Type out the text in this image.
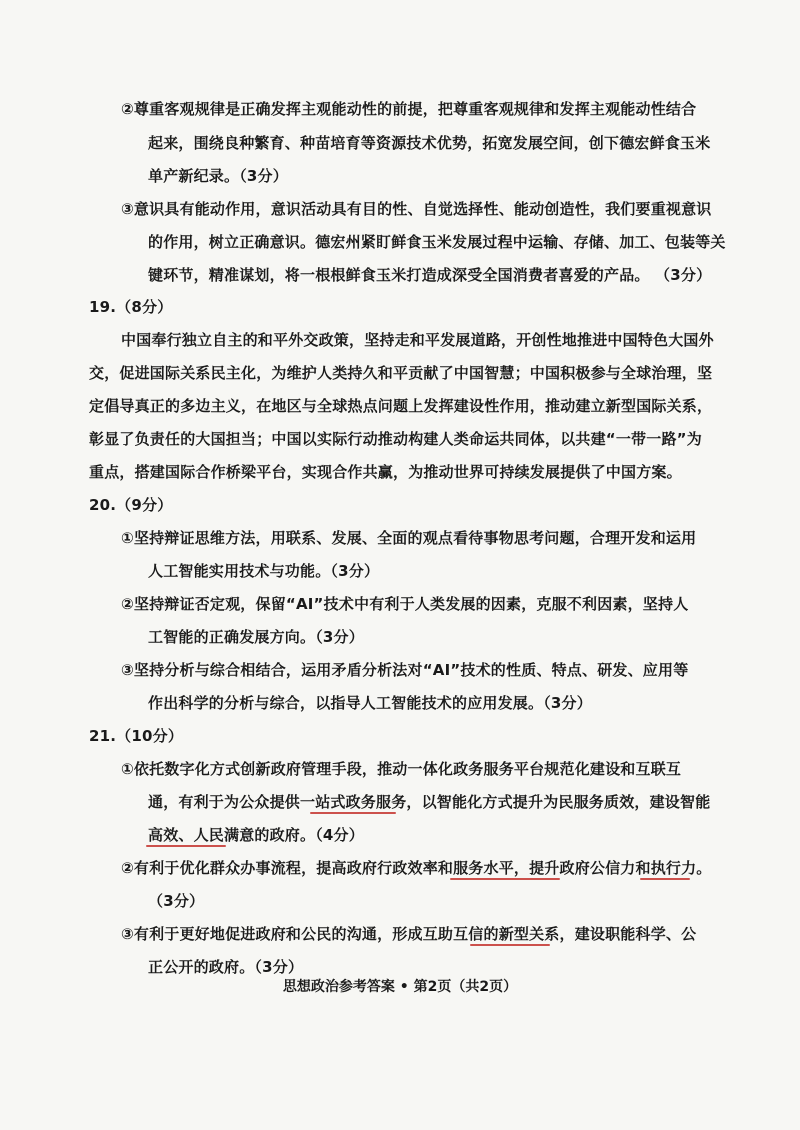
②尊重客观规律是正确发挥主观能动性的前提，把尊重客观规律和发挥主观能动性结合
起来，围绕良种繁育、种苗培育等资源技术优势，拓宽发展空间，创下德宏鲜食玉米
单产新纪录。（3分）
③意识具有能动作用，意识活动具有目的性、自觉选择性、能动创造性，我们要重视意识
的作用，树立正确意识。德宏州紧盯鲜食玉米发展过程中运输、存储、加工、包装等关
键环节，精准谋划，将一根根鲜食玉米打造成深受全国消费者喜爱的产品。 （3分）
19.（8分）
中国奉行独立自主的和平外交政策，坚持走和平发展道路，开创性地推进中国特色大国外
交，促进国际关系民主化，为维护人类持久和平贡献了中国智慧；中国积极参与全球治理，坚
定倡导真正的多边主义，在地区与全球热点问题上发挥建设性作用，推动建立新型国际关系，
彰显了负责任的大国担当；中国以实际行动推动构建人类命运共同体，以共建“一带一路”为
重点，搭建国际合作桥梁平台，实现合作共赢，为推动世界可持续发展提供了中国方案。
20.（9分）
①坚持辩证思维方法，用联系、发展、全面的观点看待事物思考问题，合理开发和运用
人工智能实用技术与功能。（3分）
②坚持辩证否定观，保留“AI”技术中有利于人类发展的因素，克服不利因素，坚持人
工智能的正确发展方向。（3分）
③坚持分析与综合相结合，运用矛盾分析法对“AI”技术的性质、特点、研发、应用等
作出科学的分析与综合，以指导人工智能技术的应用发展。（3分）
21.（10分）
①依托数字化方式创新政府管理手段，推动一体化政务服务平台规范化建设和互联互
通，有利于为公众提供一站式政务服务，以智能化方式提升为民服务质效，建设智能
高效、人民满意的政府。（4分）
②有利于优化群众办事流程，提高政府行政效率和服务水平，提升政府公信力和执行力。
（3分）
③有利于更好地促进政府和公民的沟通，形成互助互信的新型关系，建设职能科学、公
正公开的政府。（3分）
思想政治参考答案 • 第2页（共2页）
